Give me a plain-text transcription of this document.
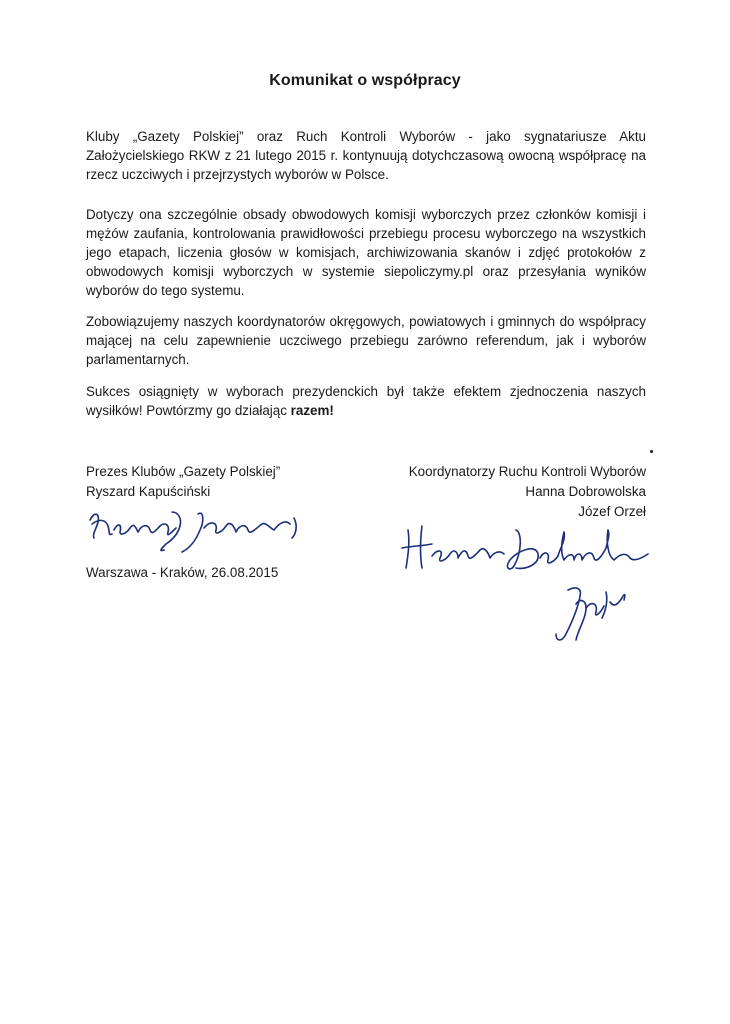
Komunikat o współpracy

Kluby „Gazety Polskiej” oraz Ruch Kontroli Wyborów - jako sygnatariusze Aktu Założycielskiego RKW z 21 lutego 2015 r. kontynuują dotychczasową owocną współpracę na rzecz uczciwych i przejrzystych wyborów w Polsce.

Dotyczy ona szczególnie obsady obwodowych komisji wyborczych przez członków komisji i mężów zaufania, kontrolowania prawidłowości przebiegu procesu wyborczego na wszystkich jego etapach, liczenia głosów w komisjach, archiwizowania skanów i zdjęć protokołów z obwodowych komisji wyborczych w systemie siepoliczymy.pl oraz przesyłania wyników wyborów do tego systemu.

Zobowiązujemy naszych koordynatorów okręgowych, powiatowych i gminnych do współpracy mającej na celu zapewnienie uczciwego przebiegu zarówno referendum, jak i wyborów parlamentarnych.

Sukces osiągnięty w wyborach prezydenckich był także efektem zjednoczenia naszych wysiłków! Powtórzmy go działając razem!

Prezes Klubów „Gazety Polskiej”
Ryszard Kapuściński
Warszawa - Kraków, 26.08.2015
Koordynatorzy Ruchu Kontroli Wyborów
Hanna Dobrowolska
Józef Orzeł
